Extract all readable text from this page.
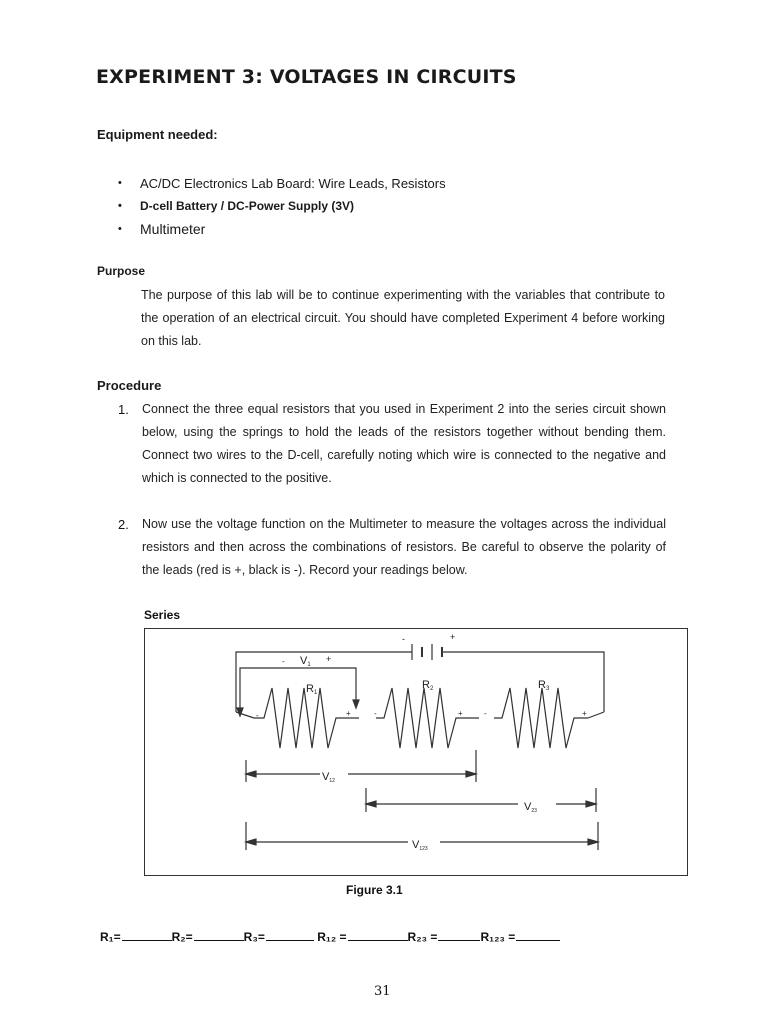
EXPERIMENT 3: VOLTAGES IN CIRCUITS
Equipment needed:
• AC/DC Electronics Lab Board: Wire Leads, Resistors
• D-cell Battery / DC-Power Supply (3V)
• Multimeter
Purpose
The purpose of this lab will be to continue experimenting with the variables that contribute to the operation of an electrical circuit. You should have completed Experiment 4 before working on this lab.
Procedure
1. Connect the three equal resistors that you used in Experiment 2 into the series circuit shown below, using the springs to hold the leads of the resistors together without bending them. Connect two wires to the D-cell, carefully noting which wire is connected to the negative and which is connected to the positive.
2. Now use the voltage function on the Multimeter to measure the voltages across the individual resistors and then across the combinations of resistors. Be careful to observe the polarity of the leads (red is +, black is -). Record your readings below.
Series
-	+
- V1
+
R1
R2	R3
-	+	-	+	-	+
V12
V23
V123
Figure 3.1
R₁=	R₂=	R₃=	R₁₂ =	R₂₃ =	R₁₂₃ =
31
